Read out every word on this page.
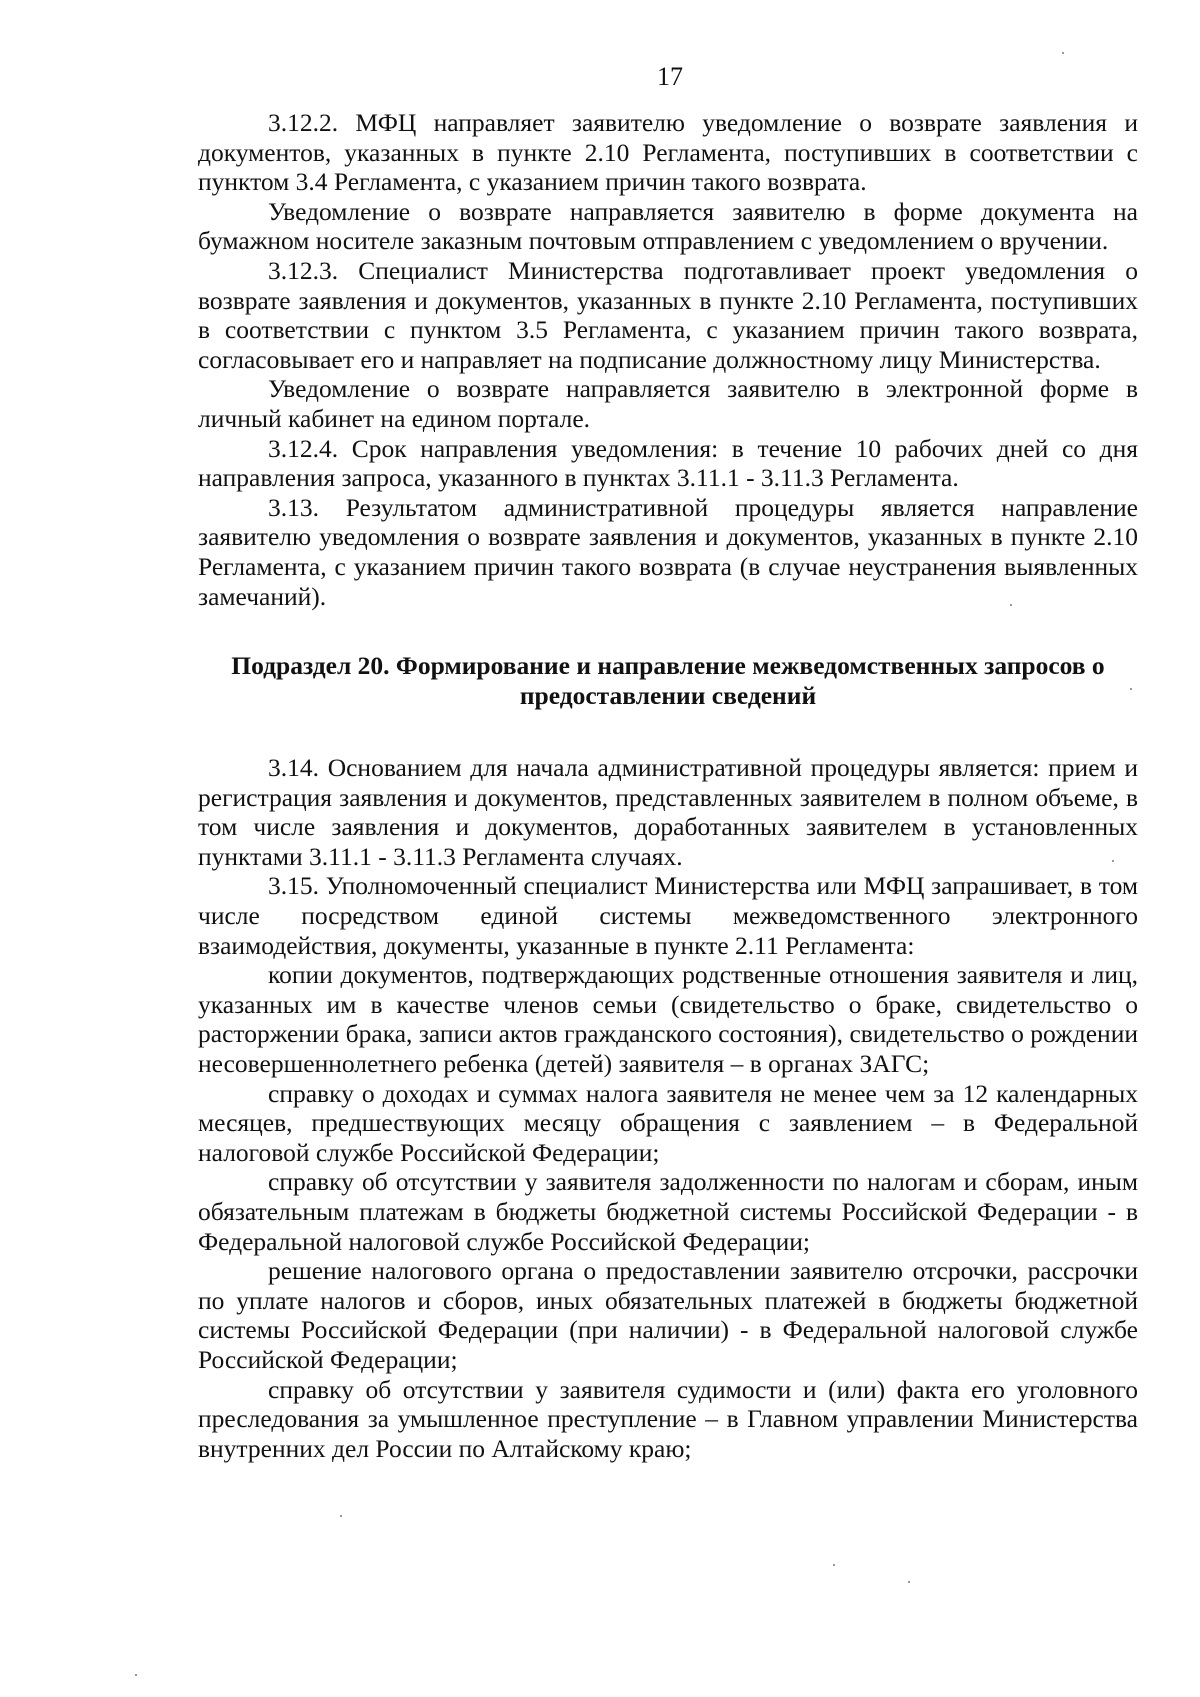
17

3.12.2. МФЦ направляет заявителю уведомление о возврате заявления и документов, указанных в пункте 2.10 Регламента, поступивших в соответствии с пунктом 3.4 Регламента, с указанием причин такого возврата.

Уведомление о возврате направляется заявителю в форме документа на бумажном носителе заказным почтовым отправлением с уведомлением о вручении.

3.12.3. Специалист Министерства подготавливает проект уведомления о возврате заявления и документов, указанных в пункте 2.10 Регламента, поступивших в соответствии с пунктом 3.5 Регламента, с указанием причин такого возврата, согласовывает его и направляет на подписание должностному лицу Министерства.

Уведомление о возврате направляется заявителю в электронной форме в личный кабинет на едином портале.

3.12.4. Срок направления уведомления: в течение 10 рабочих дней со дня направления запроса, указанного в пунктах 3.11.1 - 3.11.3 Регламента.

3.13. Результатом административной процедуры является направление заявителю уведомления о возврате заявления и документов, указанных в пункте 2.10 Регламента, с указанием причин такого возврата (в случае неустранения выявленных замечаний).

Подраздел 20. Формирование и направление межведомственных запросов о
предоставлении сведений

3.14. Основанием для начала административной процедуры является: прием и регистрация заявления и документов, представленных заявителем в полном объеме, в том числе заявления и документов, доработанных заявителем в установленных пунктами 3.11.1 - 3.11.3 Регламента случаях.

3.15. Уполномоченный специалист Министерства или МФЦ запрашивает, в том числе посредством единой системы межведомственного электронного взаимодействия, документы, указанные в пункте 2.11 Регламента:

копии документов, подтверждающих родственные отношения заявителя и лиц, указанных им в качестве членов семьи (свидетельство о браке, свидетельство о расторжении брака, записи актов гражданского состояния), свидетельство о рождении несовершеннолетнего ребенка (детей) заявителя – в органах ЗАГС;

справку о доходах и суммах налога заявителя не менее чем за 12 календарных месяцев, предшествующих месяцу обращения с заявлением – в Федеральной налоговой службе Российской Федерации;

справку об отсутствии у заявителя задолженности по налогам и сборам, иным обязательным платежам в бюджеты бюджетной системы Российской Федерации - в Федеральной налоговой службе Российской Федерации;

решение налогового органа о предоставлении заявителю отсрочки, рассрочки по уплате налогов и сборов, иных обязательных платежей в бюджеты бюджетной системы Российской Федерации (при наличии) - в Федеральной налоговой службе Российской Федерации;

справку об отсутствии у заявителя судимости и (или) факта его уголовного преследования за умышленное преступление – в Главном управлении Министерства внутренних дел России по Алтайскому краю;
